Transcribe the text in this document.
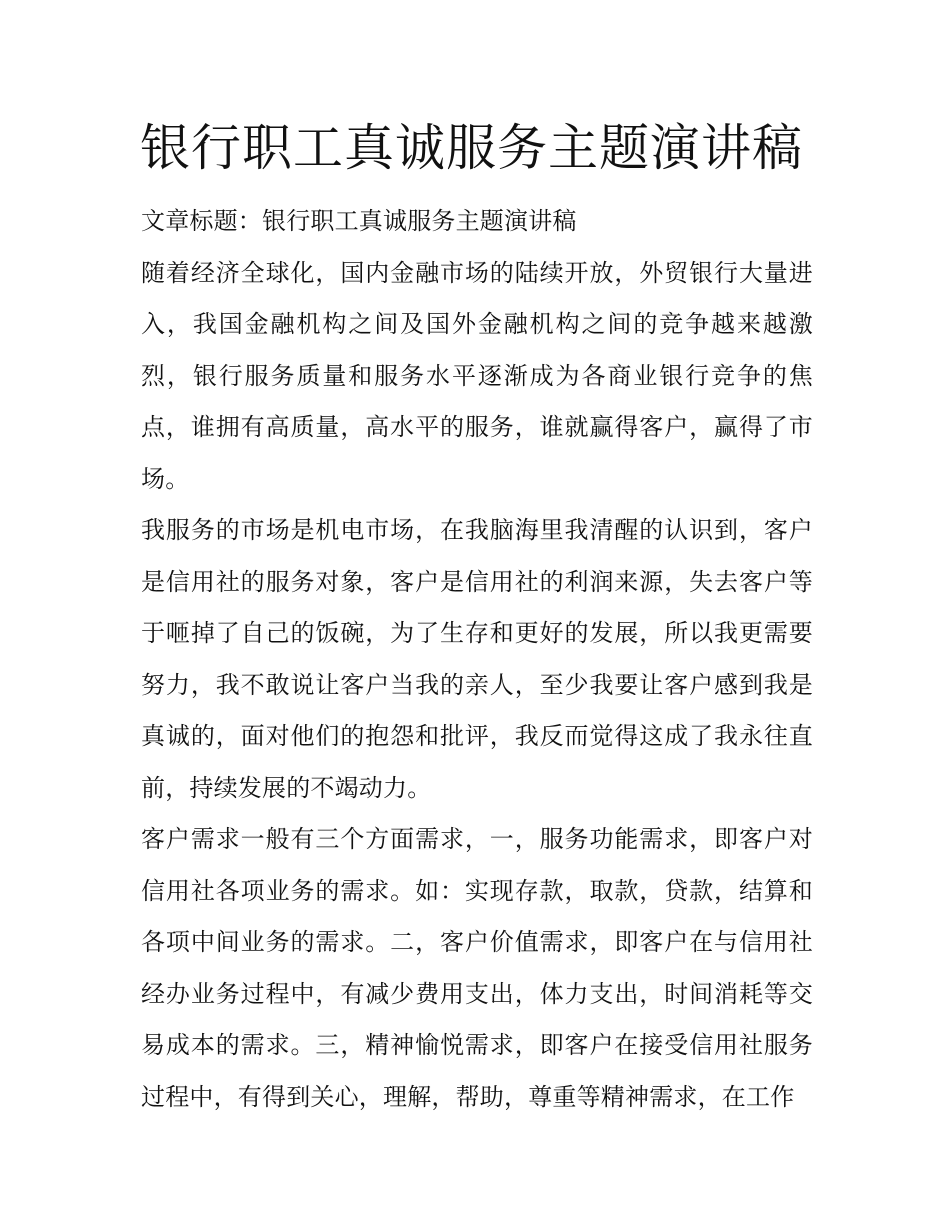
银行职工真诚服务主题演讲稿

文章标题：银行职工真诚服务主题演讲稿

随着经济全球化，国内金融市场的陆续开放，外贸银行大量进入，我国金融机构之间及国外金融机构之间的竞争越来越激烈，银行服务质量和服务水平逐渐成为各商业银行竞争的焦点，谁拥有高质量，高水平的服务，谁就赢得客户，赢得了市场。

我服务的市场是机电市场，在我脑海里我清醒的认识到，客户是信用社的服务对象，客户是信用社的利润来源，失去客户等于咂掉了自己的饭碗，为了生存和更好的发展，所以我更需要努力，我不敢说让客户当我的亲人，至少我要让客户感到我是真诚的，面对他们的抱怨和批评，我反而觉得这成了我永往直前，持续发展的不竭动力。

客户需求一般有三个方面需求，一，服务功能需求，即客户对信用社各项业务的需求。如：实现存款，取款，贷款，结算和各项中间业务的需求。二，客户价值需求，即客户在与信用社经办业务过程中，有减少费用支出，体力支出，时间消耗等交易成本的需求。三，精神愉悦需求，即客户在接受信用社服务过程中，有得到关心，理解，帮助，尊重等精神需求，在工作
